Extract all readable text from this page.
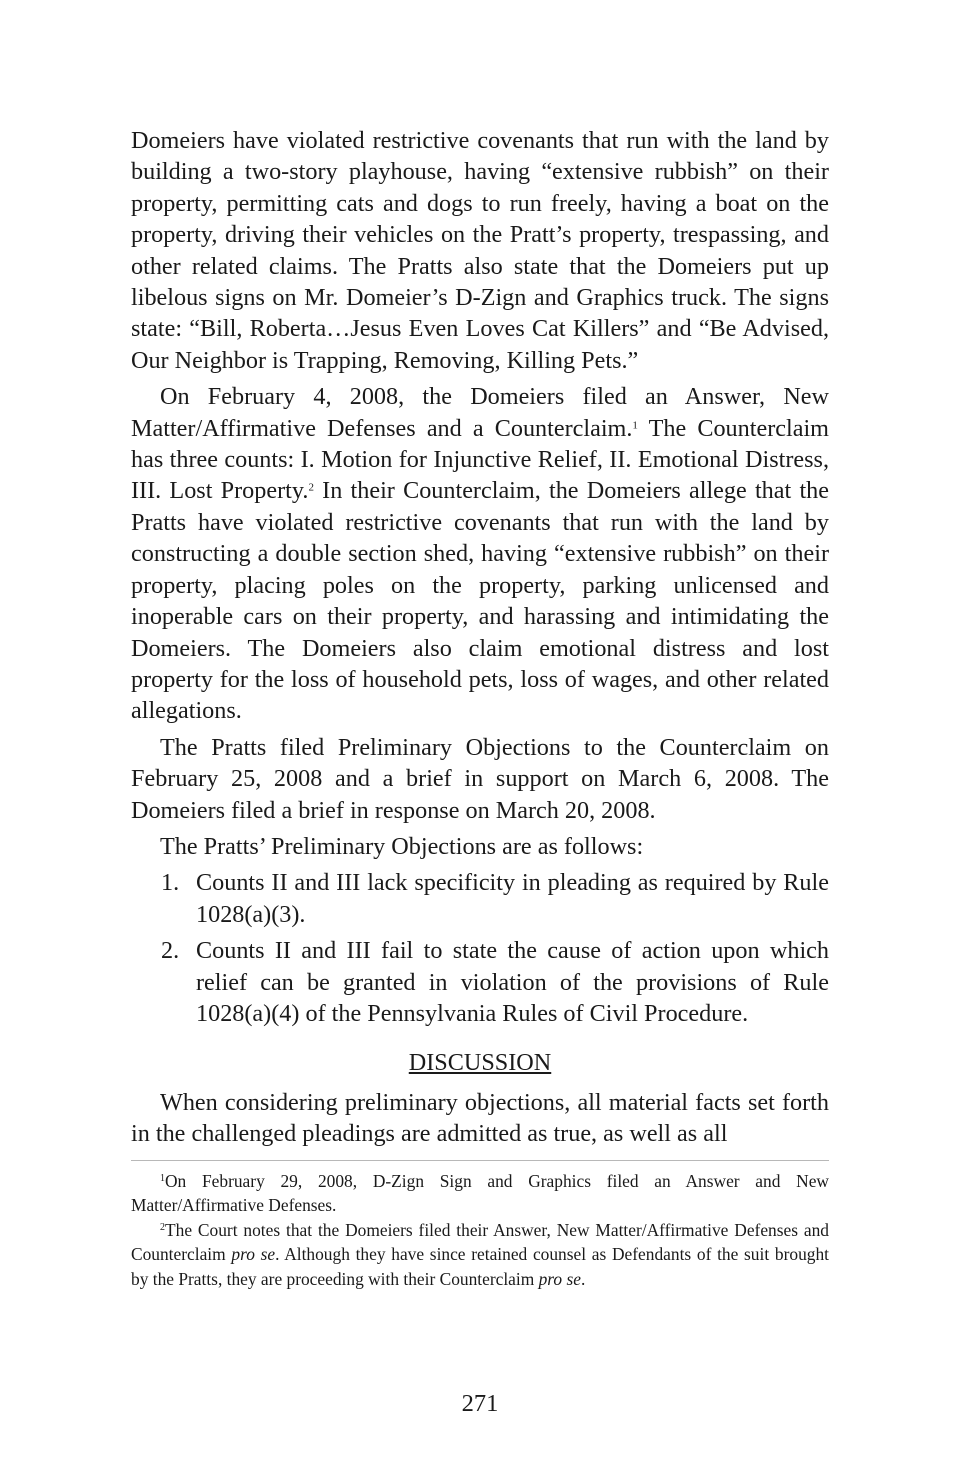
Domeiers have violated restrictive covenants that run with the land by building a two-story playhouse, having “extensive rubbish” on their property, permitting cats and dogs to run freely, having a boat on the property, driving their vehicles on the Pratt’s property, trespassing, and other related claims. The Pratts also state that the Domeiers put up libelous signs on Mr. Domeier’s D-Zign and Graphics truck. The signs state: “Bill, Roberta…Jesus Even Loves Cat Killers” and “Be Advised, Our Neighbor is Trapping, Removing, Killing Pets.”

On February 4, 2008, the Domeiers filed an Answer, New Matter/Affirmative Defenses and a Counterclaim.$^1$ The Counterclaim has three counts: I. Motion for Injunctive Relief, II. Emotional Distress, III. Lost Property.$^2$ In their Counterclaim, the Domeiers allege that the Pratts have violated restrictive covenants that run with the land by constructing a double section shed, having “extensive rubbish” on their property, placing poles on the property, parking unlicensed and inoperable cars on their property, and harassing and intimidating the Domeiers. The Domeiers also claim emotional distress and lost property for the loss of household pets, loss of wages, and other related allegations.

The Pratts filed Preliminary Objections to the Counterclaim on February 25, 2008 and a brief in support on March 6, 2008. The Domeiers filed a brief in response on March 20, 2008.

The Pratts’ Preliminary Objections are as follows:

1. Counts II and III lack specificity in pleading as required by Rule 1028(a)(3).
2. Counts II and III fail to state the cause of action upon which relief can be granted in violation of the provisions of Rule 1028(a)(4) of the Pennsylvania Rules of Civil Procedure.
DISCUSSION

When considering preliminary objections, all material facts set forth in the challenged pleadings are admitted as true, as well as all

$^1$On February 29, 2008, D-Zign Sign and Graphics filed an Answer and New Matter/Affirmative Defenses.

$^2$The Court notes that the Domeiers filed their Answer, New Matter/Affirmative Defenses and Counterclaim pro se. Although they have since retained counsel as Defendants of the suit brought by the Pratts, they are proceeding with their Counterclaim pro se.

271
